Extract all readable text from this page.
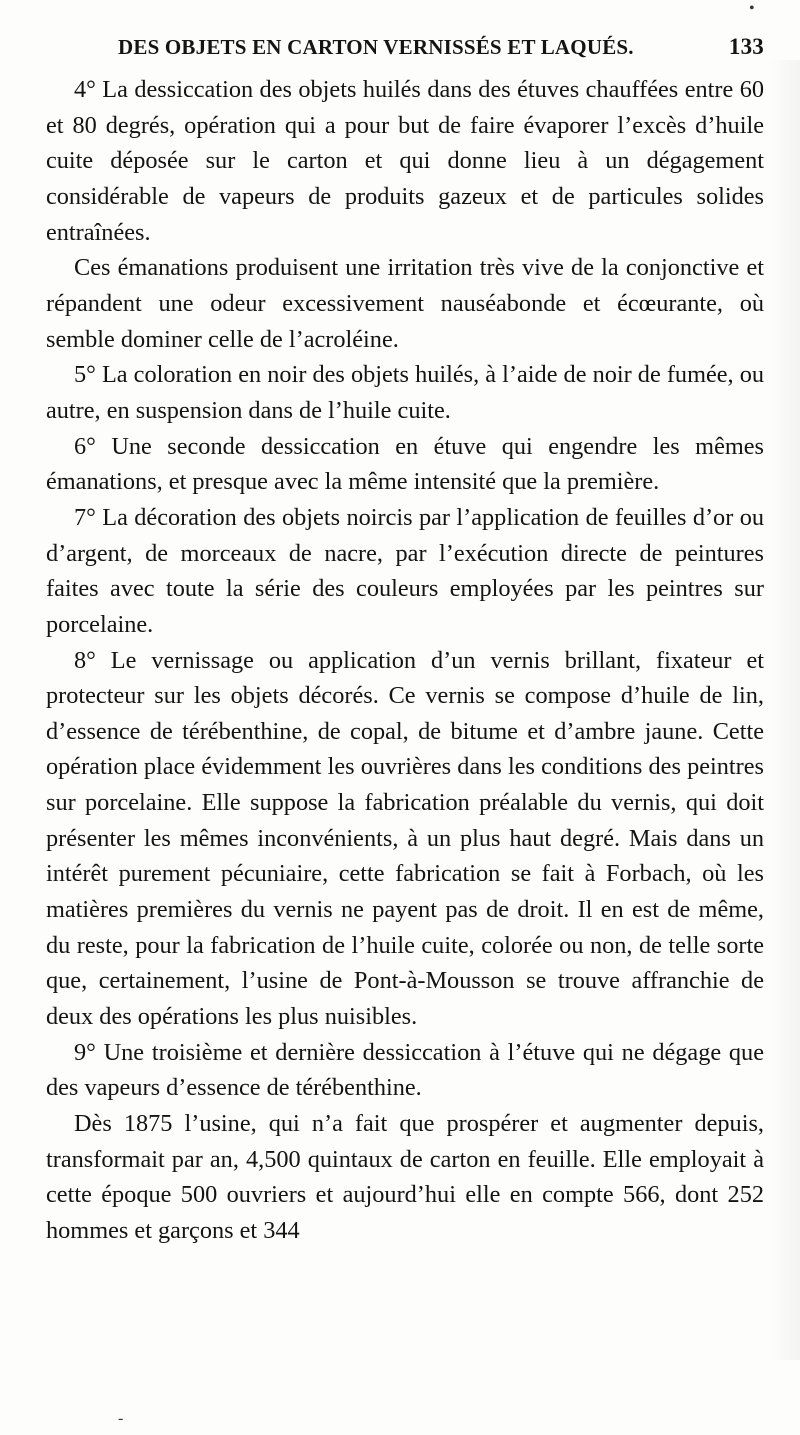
DES OBJETS EN CARTON VERNISSÉS ET LAQUÉS.	133

4° La dessiccation des objets huilés dans des étuves chauffées entre 60 et 80 degrés, opération qui a pour but de faire évaporer l’excès d’huile cuite déposée sur le carton et qui donne lieu à un dégagement considérable de vapeurs de produits gazeux et de particules solides entraînées.

Ces émanations produisent une irritation très vive de la conjonctive et répandent une odeur excessivement nauséabonde et écœurante, où semble dominer celle de l’acroléine.

5° La coloration en noir des objets huilés, à l’aide de noir de fumée, ou autre, en suspension dans de l’huile cuite.

6° Une seconde dessiccation en étuve qui engendre les mêmes émanations, et presque avec la même intensité que la première.

7° La décoration des objets noircis par l’application de feuilles d’or ou d’argent, de morceaux de nacre, par l’exécution directe de peintures faites avec toute la série des couleurs employées par les peintres sur porcelaine.

8° Le vernissage ou application d’un vernis brillant, fixateur et protecteur sur les objets décorés. Ce vernis se compose d’huile de lin, d’essence de térébenthine, de copal, de bitume et d’ambre jaune. Cette opération place évidemment les ouvrières dans les conditions des peintres sur porcelaine. Elle suppose la fabrication préalable du vernis, qui doit présenter les mêmes inconvénients, à un plus haut degré. Mais dans un intérêt purement pécuniaire, cette fabrication se fait à Forbach, où les matières premières du vernis ne payent pas de droit. Il en est de même, du reste, pour la fabrication de l’huile cuite, colorée ou non, de telle sorte que, certainement, l’usine de Pont-à-Mousson se trouve affranchie de deux des opérations les plus nuisibles.

9° Une troisième et dernière dessiccation à l’étuve qui ne dégage que des vapeurs d’essence de térébenthine.

Dès 1875 l’usine, qui n’a fait que prospérer et augmenter depuis, transformait par an, 4,500 quintaux de carton en feuille. Elle employait à cette époque 500 ouvriers et aujourd’hui elle en compte 566, dont 252 hommes et garçons et 344

•
-
